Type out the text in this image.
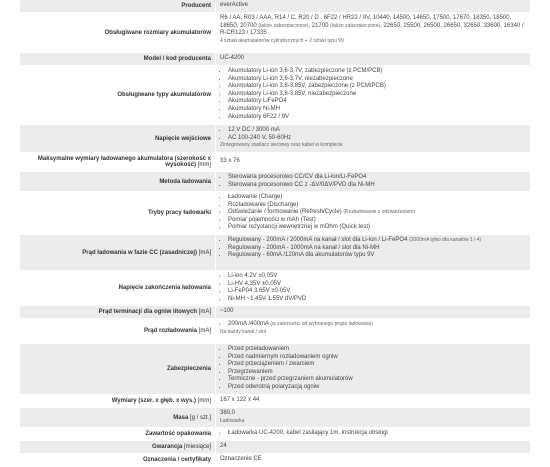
Producent	everActive
Obsługiwane rozmiary akumulatorów
R6 / AA, R03 / AAA, R14 / C, R20 / D , 6F22 / HR22 / 9V, 10440, 14500, 14650, 17500, 17670, 18350, 18500, 18650, 20700 (także zabezpieczone), 21700 (także zabezpieczone), 22650, 25500, 26500, 26650, 32650, 33600, 16340 / R-CR123 / 17335
4 sztuki akumulatorów cylindrycznych + 2 sztuki typu 9V
Model / kod producenta	UC-4200
Obsługiwane typy akumulatorów
• Akumulatory Li-ion 3,6-3,7V, zabezpieczone (z PCM/PCB)
• Akumulatory Li-ion 3,6-3,7V, niezabezpieczone
• Akumulatory Li-ion 3,8-3,85V, zabezpieczone (z PCM/PCB)
• Akumulatory Li-ion 3,8-3,85V, niezabezpieczone
• Akumulatory LiFePO4
• Akumulatory Ni-MH
• Akumulatory 6F22 / 9V
Napięcie wejściowe
• 12 V DC / 3000 mA
• AC 100-240 V, 50-60Hz
Zintegrowany zasilacz sieciowy oraz kabel w komplecie
Maksymalne wymiary ładowanego akumulatora (szerokość x wysokość) [mm]
33 x 76
Metoda ładowania
• Sterowana procesorowo CC/CV dla Li-ion/Li-FePO4
• Sterowana procesorowo CC z -ΔV/0ΔV/PVD dla Ni-MH
Tryby pracy ładowarki
• Ładowanie (Charge)
• Rozładowanie (Discharge)
• Odświeżanie / formowanie (Refresh/Cycle) (Rozładowanie z odświeżaniem)
• Pomiar pojemności w mAh (Test)
• Pomiar rezystancji wewnętrznej w mOhm (Quick test)
Prąd ładowania w fazie CC (zasadniczej) [mA]
• Regulowany - 200mA / 2000mA na kanał / slot dla Li-ion / Li-FePO4 (2000mA tylko dla kanałów 1 i 4)
• Regulowany - 200mA - 1000mA na kanał / slot dla Ni-MH
• Regulowany - 60mA /120mA dla akumulatorów typu 9V
Napięcie zakończenia ładowania
• Li-ion 4.2V ±0,05V
• Li-HV 4.35V ±0,05V
• Li-FeP04 3.65V ±0,05V
• Ni-MH ~1.45V-1.55V dV/PVD
Prąd terminacji dla ogniw litowych [mA]	~100
Prąd rozładowania [mA]
• 200mA /400mA (w zależności od wybranego prądu ładowania)
Na każdy kanał / slot
Zabezpieczenia
• Przed przeładowaniem
• Przed nadmiernym rozładowaniem ogniw
• Przed przeciążeniem / zwarciem
• Przegrzewaniem
• Termiczne - przed przegrzaniem akumulatorów
• Przed odwrotną polaryzacją ogniw
Wymiary (szer. x głęb. x wys.) [mm]	167 x 122 x 44
Masa [g / szt.]
380,0
Ładowarka
Zawartość opakowania
•	Ładowarka UC-4200, kabel zasilający 1m, instrukcja obsługi
Gwarancja [miesiące]	24
Oznaczenia / certyfikaty	Oznaczenie CE
